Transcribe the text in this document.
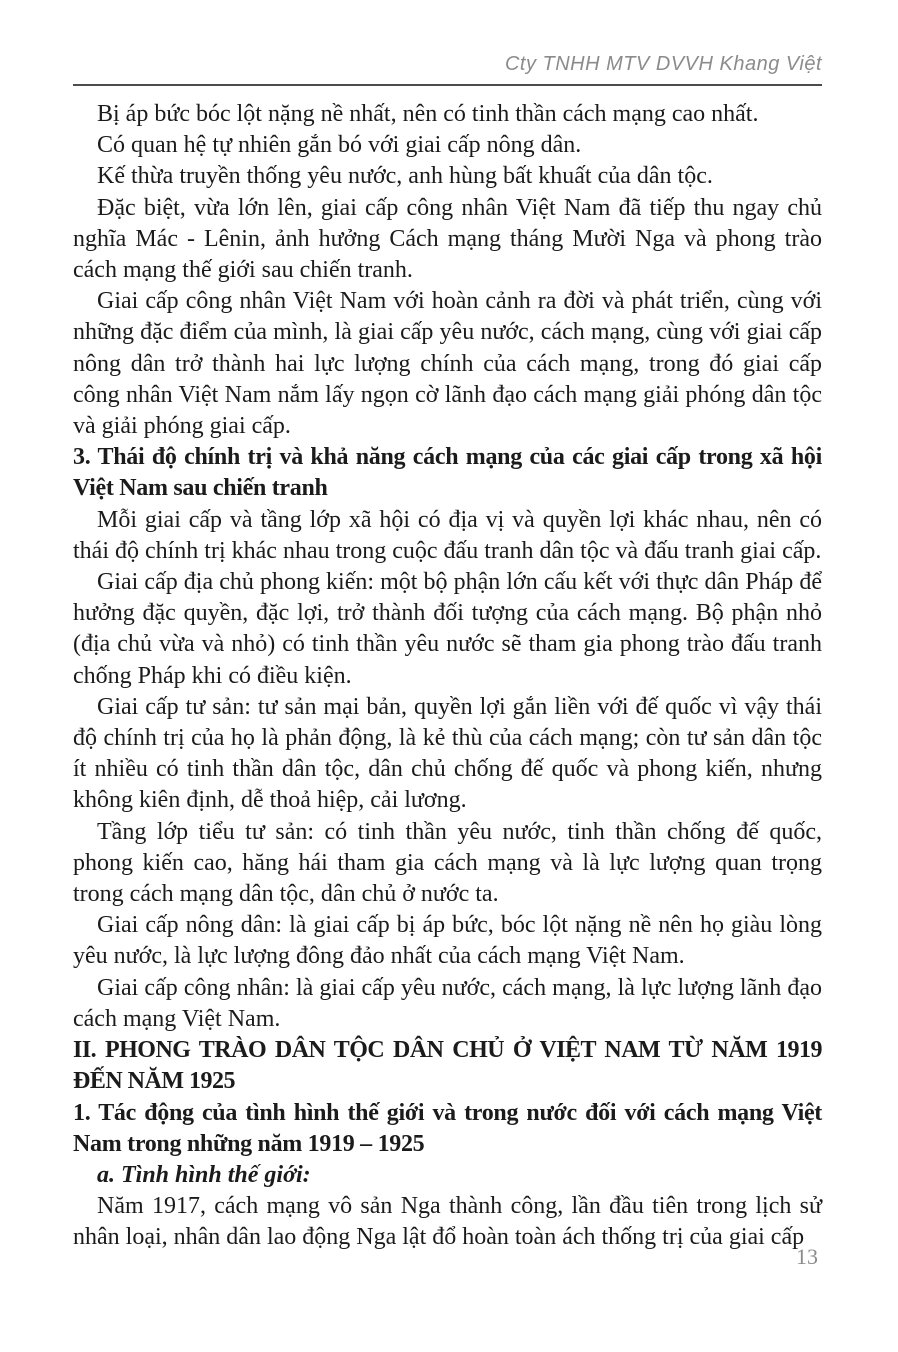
Cty TNHH MTV DVVH Khang Việt

Bị áp bức bóc lột nặng nề nhất, nên có tinh thần cách mạng cao nhất.

Có quan hệ tự nhiên gắn bó với giai cấp nông dân.

Kế thừa truyền thống yêu nước, anh hùng bất khuất của dân tộc.

Đặc biệt, vừa lớn lên, giai cấp công nhân Việt Nam đã tiếp thu ngay chủ nghĩa Mác - Lênin, ảnh hưởng Cách mạng tháng Mười Nga và phong trào cách mạng thế giới sau chiến tranh.

Giai cấp công nhân Việt Nam với hoàn cảnh ra đời và phát triển, cùng với những đặc điểm của mình, là giai cấp yêu nước, cách mạng, cùng với giai cấp nông dân trở thành hai lực lượng chính của cách mạng, trong đó giai cấp công nhân Việt Nam nắm lấy ngọn cờ lãnh đạo cách mạng giải phóng dân tộc và giải phóng giai cấp.

3. Thái độ chính trị và khả năng cách mạng của các giai cấp trong xã hội Việt Nam sau chiến tranh

Mỗi giai cấp và tầng lớp xã hội có địa vị và quyền lợi khác nhau, nên có thái độ chính trị khác nhau trong cuộc đấu tranh dân tộc và đấu tranh giai cấp.

Giai cấp địa chủ phong kiến: một bộ phận lớn cấu kết với thực dân Pháp để hưởng đặc quyền, đặc lợi, trở thành đối tượng của cách mạng. Bộ phận nhỏ (địa chủ vừa và nhỏ) có tinh thần yêu nước sẽ tham gia phong trào đấu tranh chống Pháp khi có điều kiện.

Giai cấp tư sản: tư sản mại bản, quyền lợi gắn liền với đế quốc vì vậy thái độ chính trị của họ là phản động, là kẻ thù của cách mạng; còn tư sản dân tộc ít nhiều có tinh thần dân tộc, dân chủ chống đế quốc và phong kiến, nhưng không kiên định, dễ thoả hiệp, cải lương.

Tầng lớp tiểu tư sản: có tinh thần yêu nước, tinh thần chống đế quốc, phong kiến cao, hăng hái tham gia cách mạng và là lực lượng quan trọng trong cách mạng dân tộc, dân chủ ở nước ta.

Giai cấp nông dân: là giai cấp bị áp bức, bóc lột nặng nề nên họ giàu lòng yêu nước, là lực lượng đông đảo nhất của cách mạng Việt Nam.

Giai cấp công nhân: là giai cấp yêu nước, cách mạng, là lực lượng lãnh đạo cách mạng Việt Nam.

II. PHONG TRÀO DÂN TỘC DÂN CHỦ Ở VIỆT NAM TỪ NĂM 1919 ĐẾN NĂM 1925
1. Tác động của tình hình thế giới và trong nước đối với cách mạng Việt Nam trong những năm 1919 – 1925
a. Tình hình thế giới:

Năm 1917, cách mạng vô sản Nga thành công, lần đầu tiên trong lịch sử nhân loại, nhân dân lao động Nga lật đổ hoàn toàn ách thống trị của giai cấp

13
